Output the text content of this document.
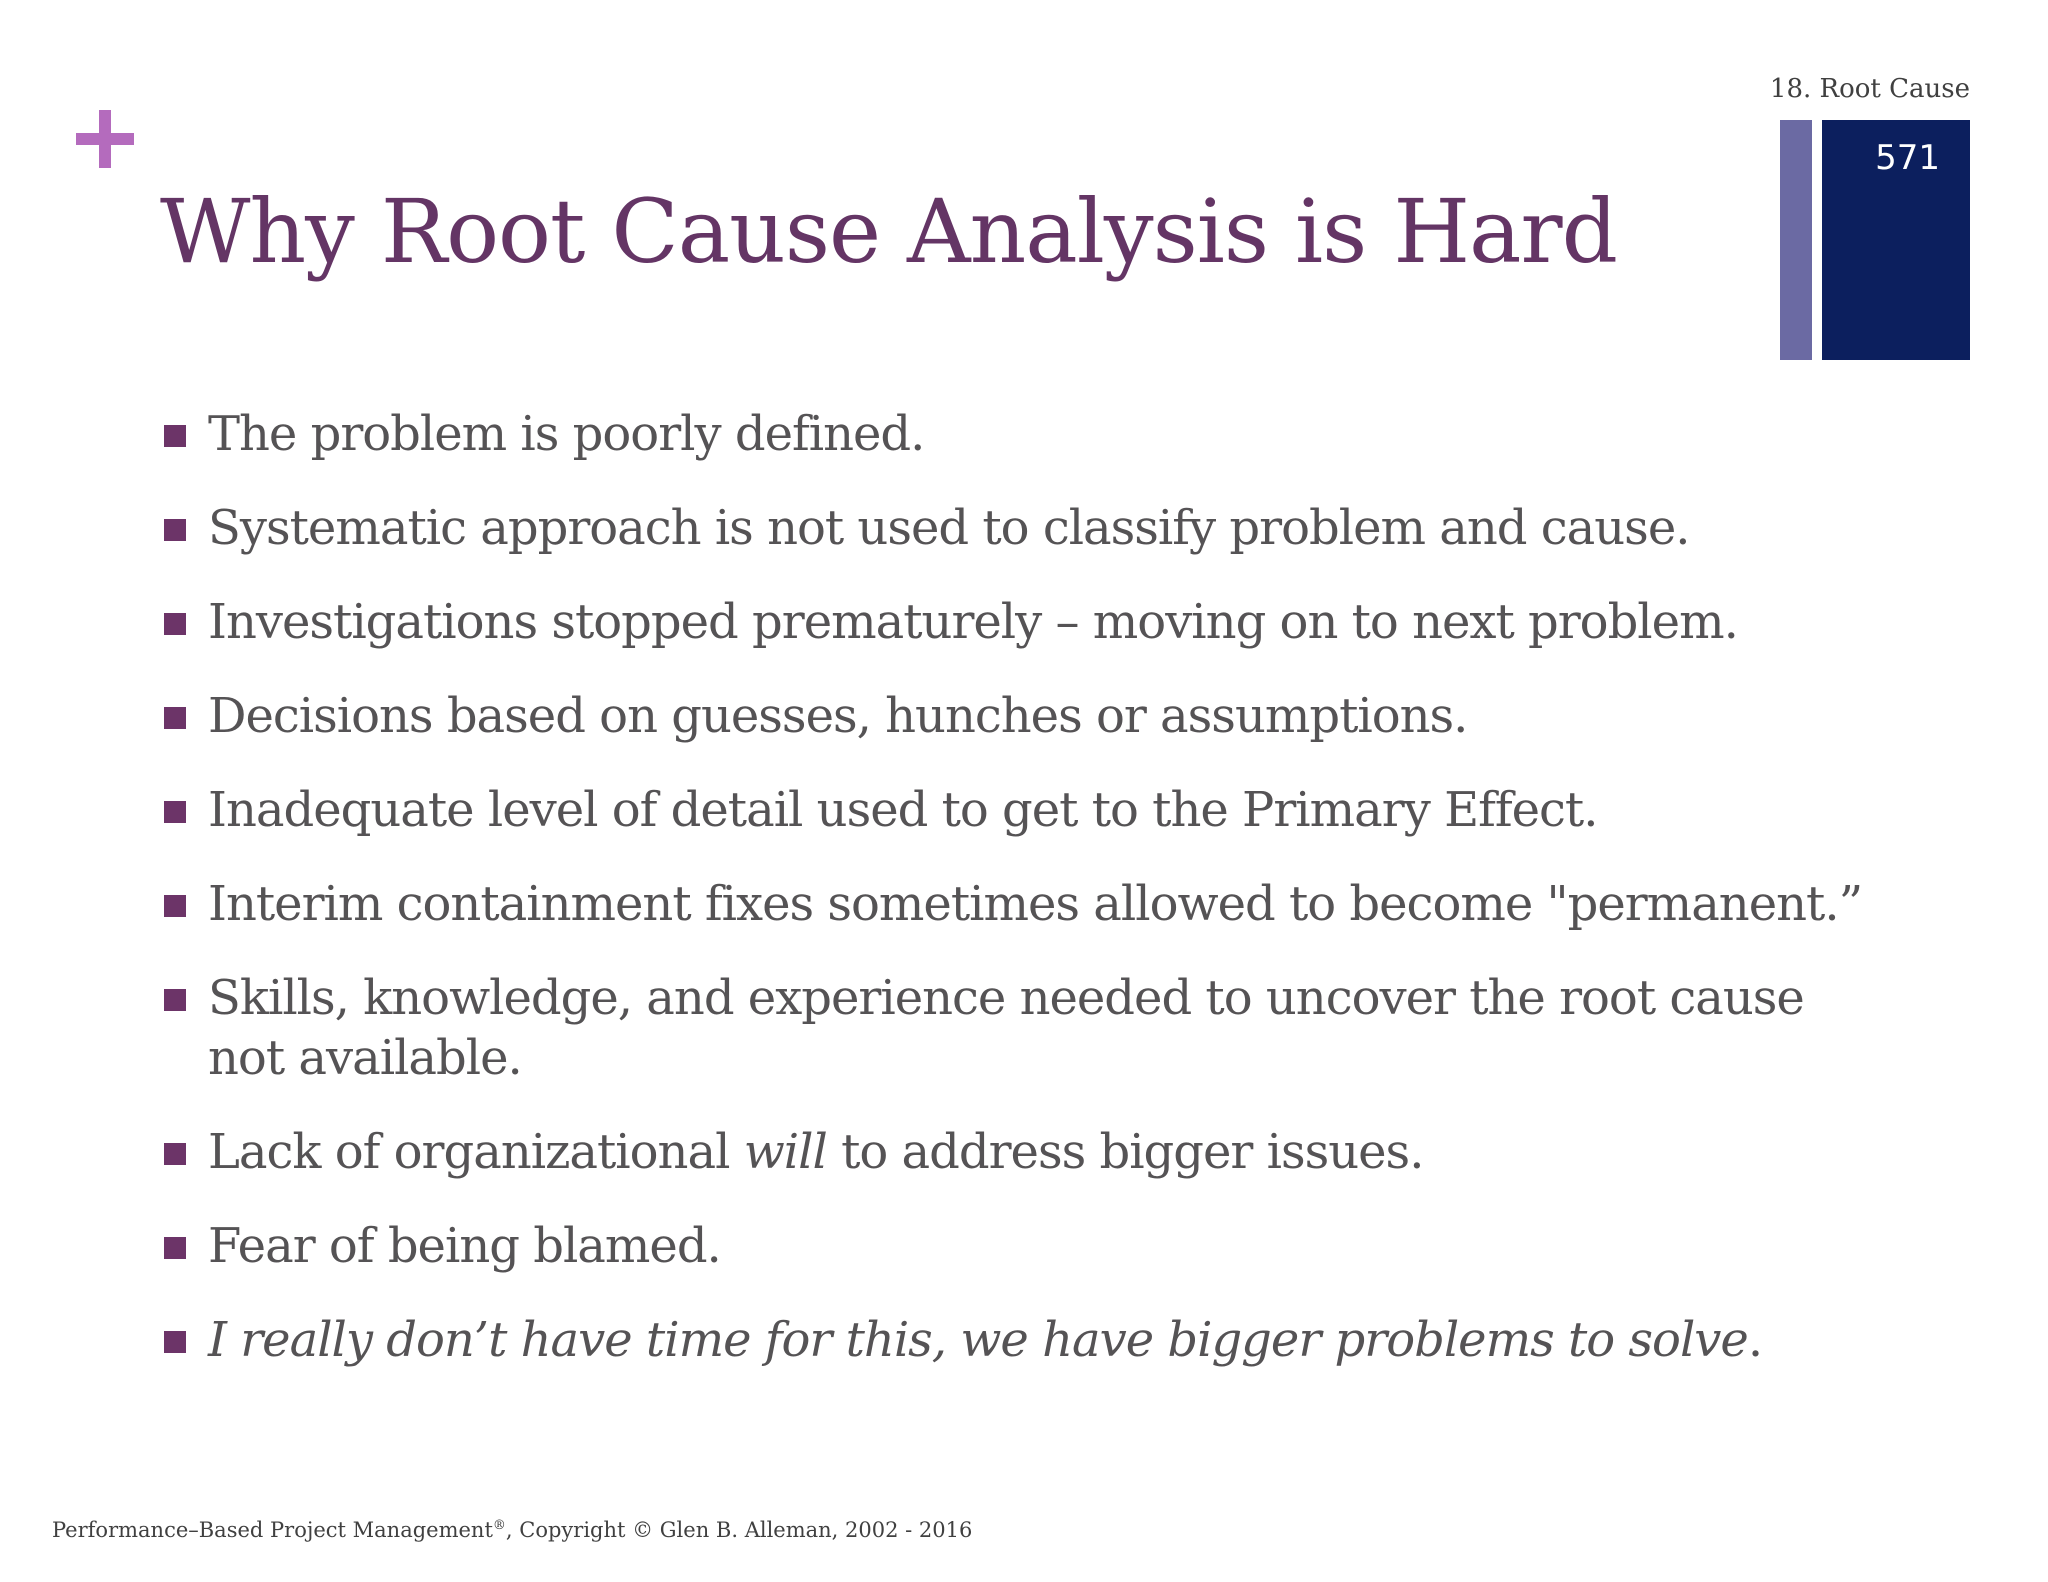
18. Root Cause
571
Why Root Cause Analysis is Hard
The problem is poorly defined.
Systematic approach is not used to classify problem and cause.
Investigations stopped prematurely – moving on to next problem.
Decisions based on guesses, hunches or assumptions.
Inadequate level of detail used to get to the Primary Effect.
Interim containment fixes sometimes allowed to become "permanent.”
Skills, knowledge, and experience needed to uncover the root cause not available.
Lack of organizational will to address bigger issues.
Fear of being blamed.
I really don’t have time for this, we have bigger problems to solve.
Performance–Based Project Management®, Copyright © Glen B. Alleman, 2002 - 2016
